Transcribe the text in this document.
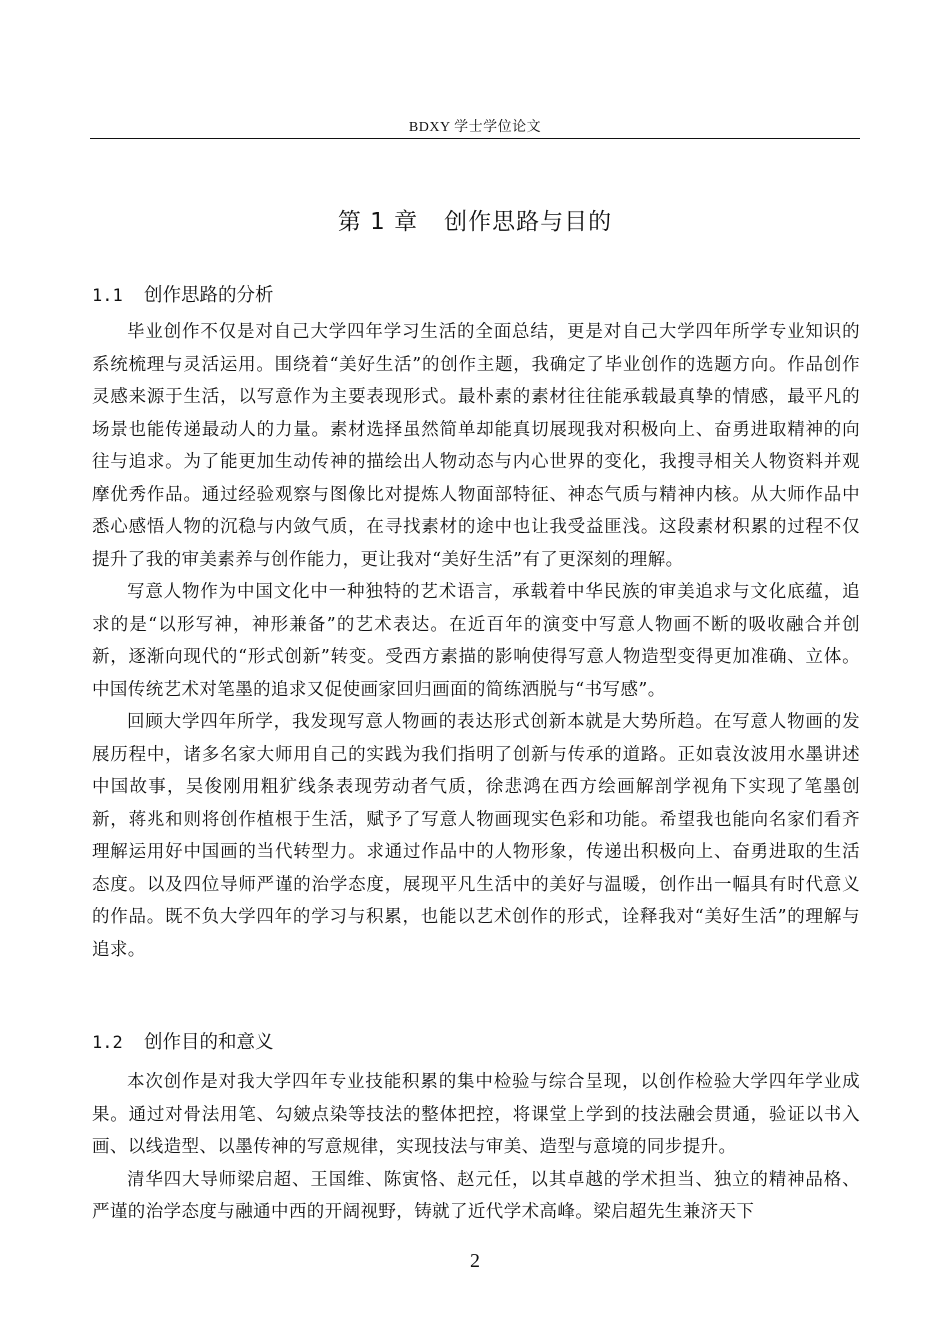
BDXY 学士学位论文
第 1 章 创作思路与目的
1.1 创作思路的分析

毕业创作不仅是对自己大学四年学习生活的全面总结，更是对自己大学四年所学专业知识的系统梳理与灵活运用。围绕着“美好生活”的创作主题，我确定了毕业创作的选题方向。作品创作灵感来源于生活，以写意作为主要表现形式。最朴素的素材往往能承载最真挚的情感，最平凡的场景也能传递最动人的力量。素材选择虽然简单却能真切展现我对积极向上、奋勇进取精神的向往与追求。为了能更加生动传神的描绘出人物动态与内心世界的变化，我搜寻相关人物资料并观摩优秀作品。通过经验观察与图像比对提炼人物面部特征、神态气质与精神内核。从大师作品中悉心感悟人物的沉稳与内敛气质，在寻找素材的途中也让我受益匪浅。这段素材积累的过程不仅提升了我的审美素养与创作能力，更让我对“美好生活”有了更深刻的理解。

写意人物作为中国文化中一种独特的艺术语言，承载着中华民族的审美追求与文化底蕴，追求的是“以形写神，神形兼备”的艺术表达。在近百年的演变中写意人物画不断的吸收融合并创新，逐渐向现代的“形式创新”转变。受西方素描的影响使得写意人物造型变得更加准确、立体。中国传统艺术对笔墨的追求又促使画家回归画面的简练洒脱与“书写感”。

回顾大学四年所学，我发现写意人物画的表达形式创新本就是大势所趋。在写意人物画的发展历程中，诸多名家大师用自己的实践为我们指明了创新与传承的道路。正如袁汝波用水墨讲述中国故事，吴俊刚用粗犷线条表现劳动者气质，徐悲鸿在西方绘画解剖学视角下实现了笔墨创新，蒋兆和则将创作植根于生活，赋予了写意人物画现实色彩和功能。希望我也能向名家们看齐理解运用好中国画的当代转型力。求通过作品中的人物形象，传递出积极向上、奋勇进取的生活态度。以及四位导师严谨的治学态度，展现平凡生活中的美好与温暖，创作出一幅具有时代意义的作品。既不负大学四年的学习与积累，也能以艺术创作的形式，诠释我对“美好生活”的理解与追求。

1.2 创作目的和意义

本次创作是对我大学四年专业技能积累的集中检验与综合呈现，以创作检验大学四年学业成果。通过对骨法用笔、勾皴点染等技法的整体把控，将课堂上学到的技法融会贯通，验证以书入画、以线造型、以墨传神的写意规律，实现技法与审美、造型与意境的同步提升。

清华四大导师梁启超、王国维、陈寅恪、赵元任，以其卓越的学术担当、独立的精神品格、严谨的治学态度与融通中西的开阔视野，铸就了近代学术高峰。梁启超先生兼济天下

2
